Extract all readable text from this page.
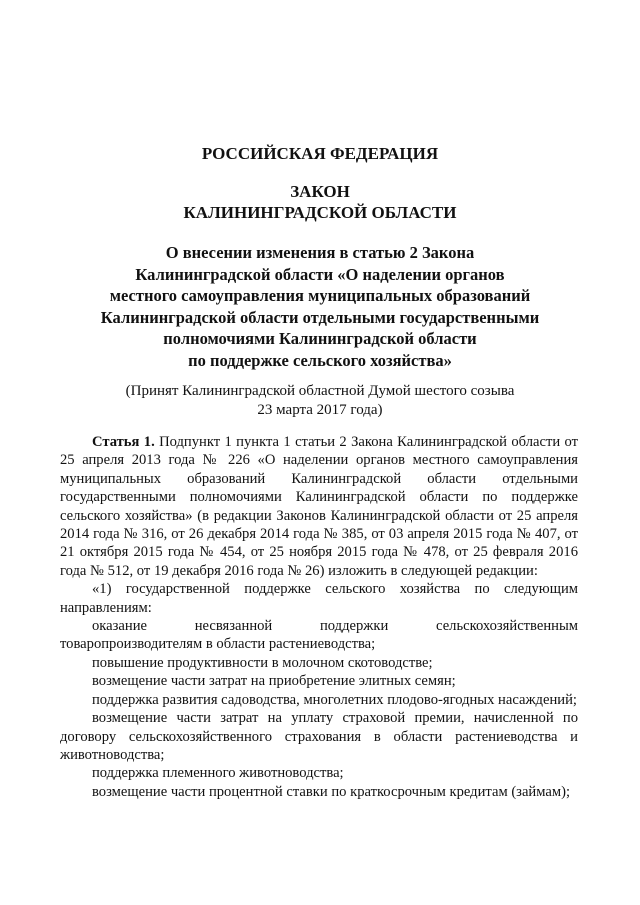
РОССИЙСКАЯ ФЕДЕРАЦИЯ
ЗАКОН
КАЛИНИНГРАДСКОЙ ОБЛАСТИ
О внесении изменения в статью 2 Закона
Калининградской области «О наделении органов
местного самоуправления муниципальных образований
Калининградской области отдельными государственными
полномочиями Калининградской области
по поддержке сельского хозяйства»
(Принят Калининградской областной Думой шестого созыва
23 марта 2017 года)

Статья 1. Подпункт 1 пункта 1 статьи 2 Закона Калининградской области от 25 апреля 2013 года № 226 «О наделении органов местного самоуправления муниципальных образований Калининградской области отдельными государственными полномочиями Калининградской области по поддержке сельского хозяйства» (в редакции Законов Калининградской области от 25 апреля 2014 года № 316, от 26 декабря 2014 года № 385, от 03 апреля 2015 года № 407, от 21 октября 2015 года № 454, от 25 ноября 2015 года № 478, от 25 февраля 2016 года № 512, от 19 декабря 2016 года № 26) изложить в следующей редакции:

«1) государственной поддержке сельского хозяйства по следующим направлениям:

оказание несвязанной поддержки сельскохозяйственным товаропроизводителям в области растениеводства;

повышение продуктивности в молочном скотоводстве;

возмещение части затрат на приобретение элитных семян;

поддержка развития садоводства, многолетних плодово-ягодных насаждений;

возмещение части затрат на уплату страховой премии, начисленной по договору сельскохозяйственного страхования в области растениеводства и животноводства;

поддержка племенного животноводства;

возмещение части процентной ставки по краткосрочным кредитам (займам);
